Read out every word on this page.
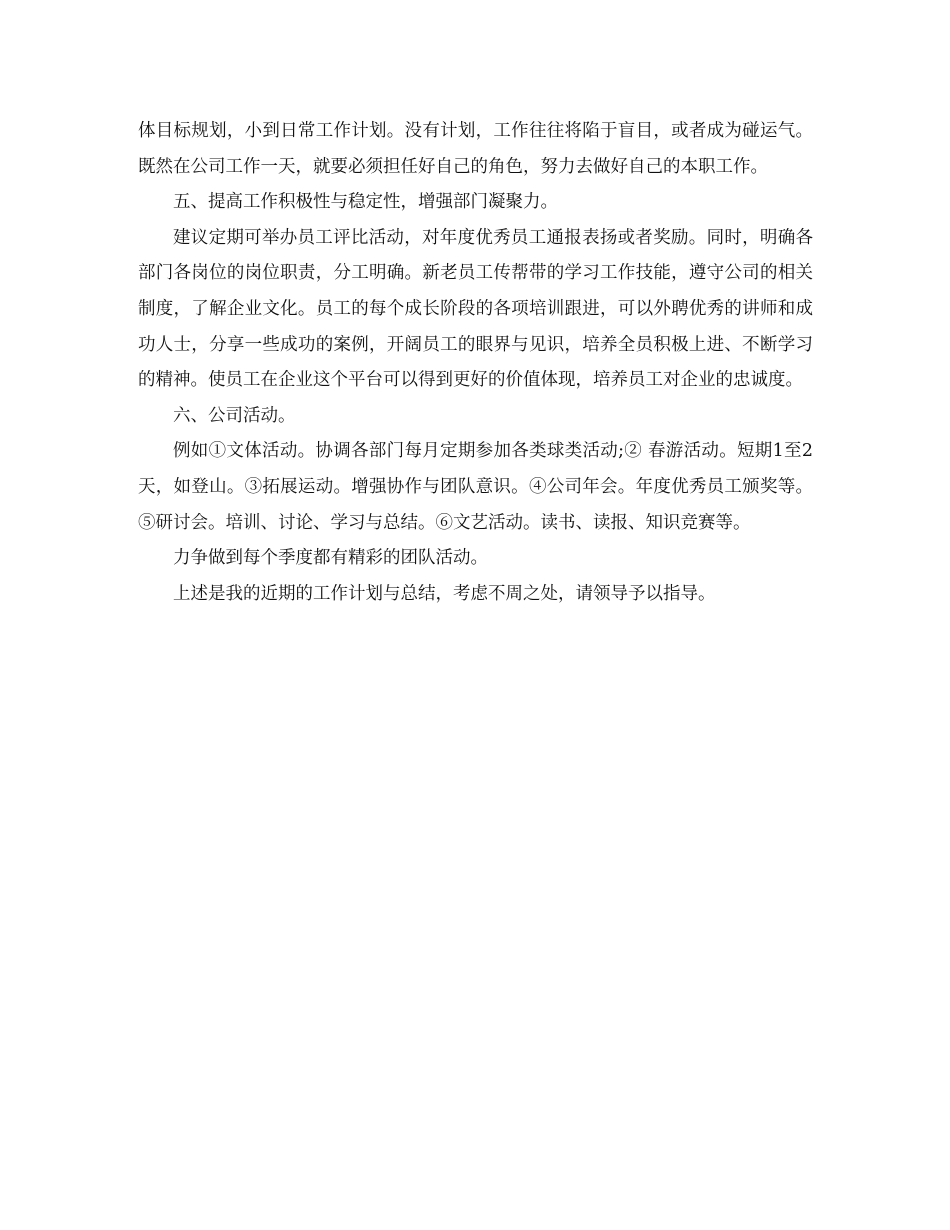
体目标规划，小到日常工作计划。没有计划，工作往往将陷于盲目，或者成为碰运气。既然在公司工作一天，就要必须担任好自己的角色，努力去做好自己的本职工作。

五、提高工作积极性与稳定性，增强部门凝聚力。

建议定期可举办员工评比活动，对年度优秀员工通报表扬或者奖励。同时，明确各部门各岗位的岗位职责，分工明确。新老员工传帮带的学习工作技能，遵守公司的相关制度，了解企业文化。员工的每个成长阶段的各项培训跟进，可以外聘优秀的讲师和成功人士，分享一些成功的案例，开阔员工的眼界与见识，培养全员积极上进、不断学习的精神。使员工在企业这个平台可以得到更好的价值体现，培养员工对企业的忠诚度。

六、公司活动。

例如①文体活动。协调各部门每月定期参加各类球类活动;② 春游活动。短期1至2天，如登山。③拓展运动。增强协作与团队意识。④公司年会。年度优秀员工颁奖等。⑤研讨会。培训、讨论、学习与总结。⑥文艺活动。读书、读报、知识竞赛等。

力争做到每个季度都有精彩的团队活动。

上述是我的近期的工作计划与总结，考虑不周之处，请领导予以指导。
